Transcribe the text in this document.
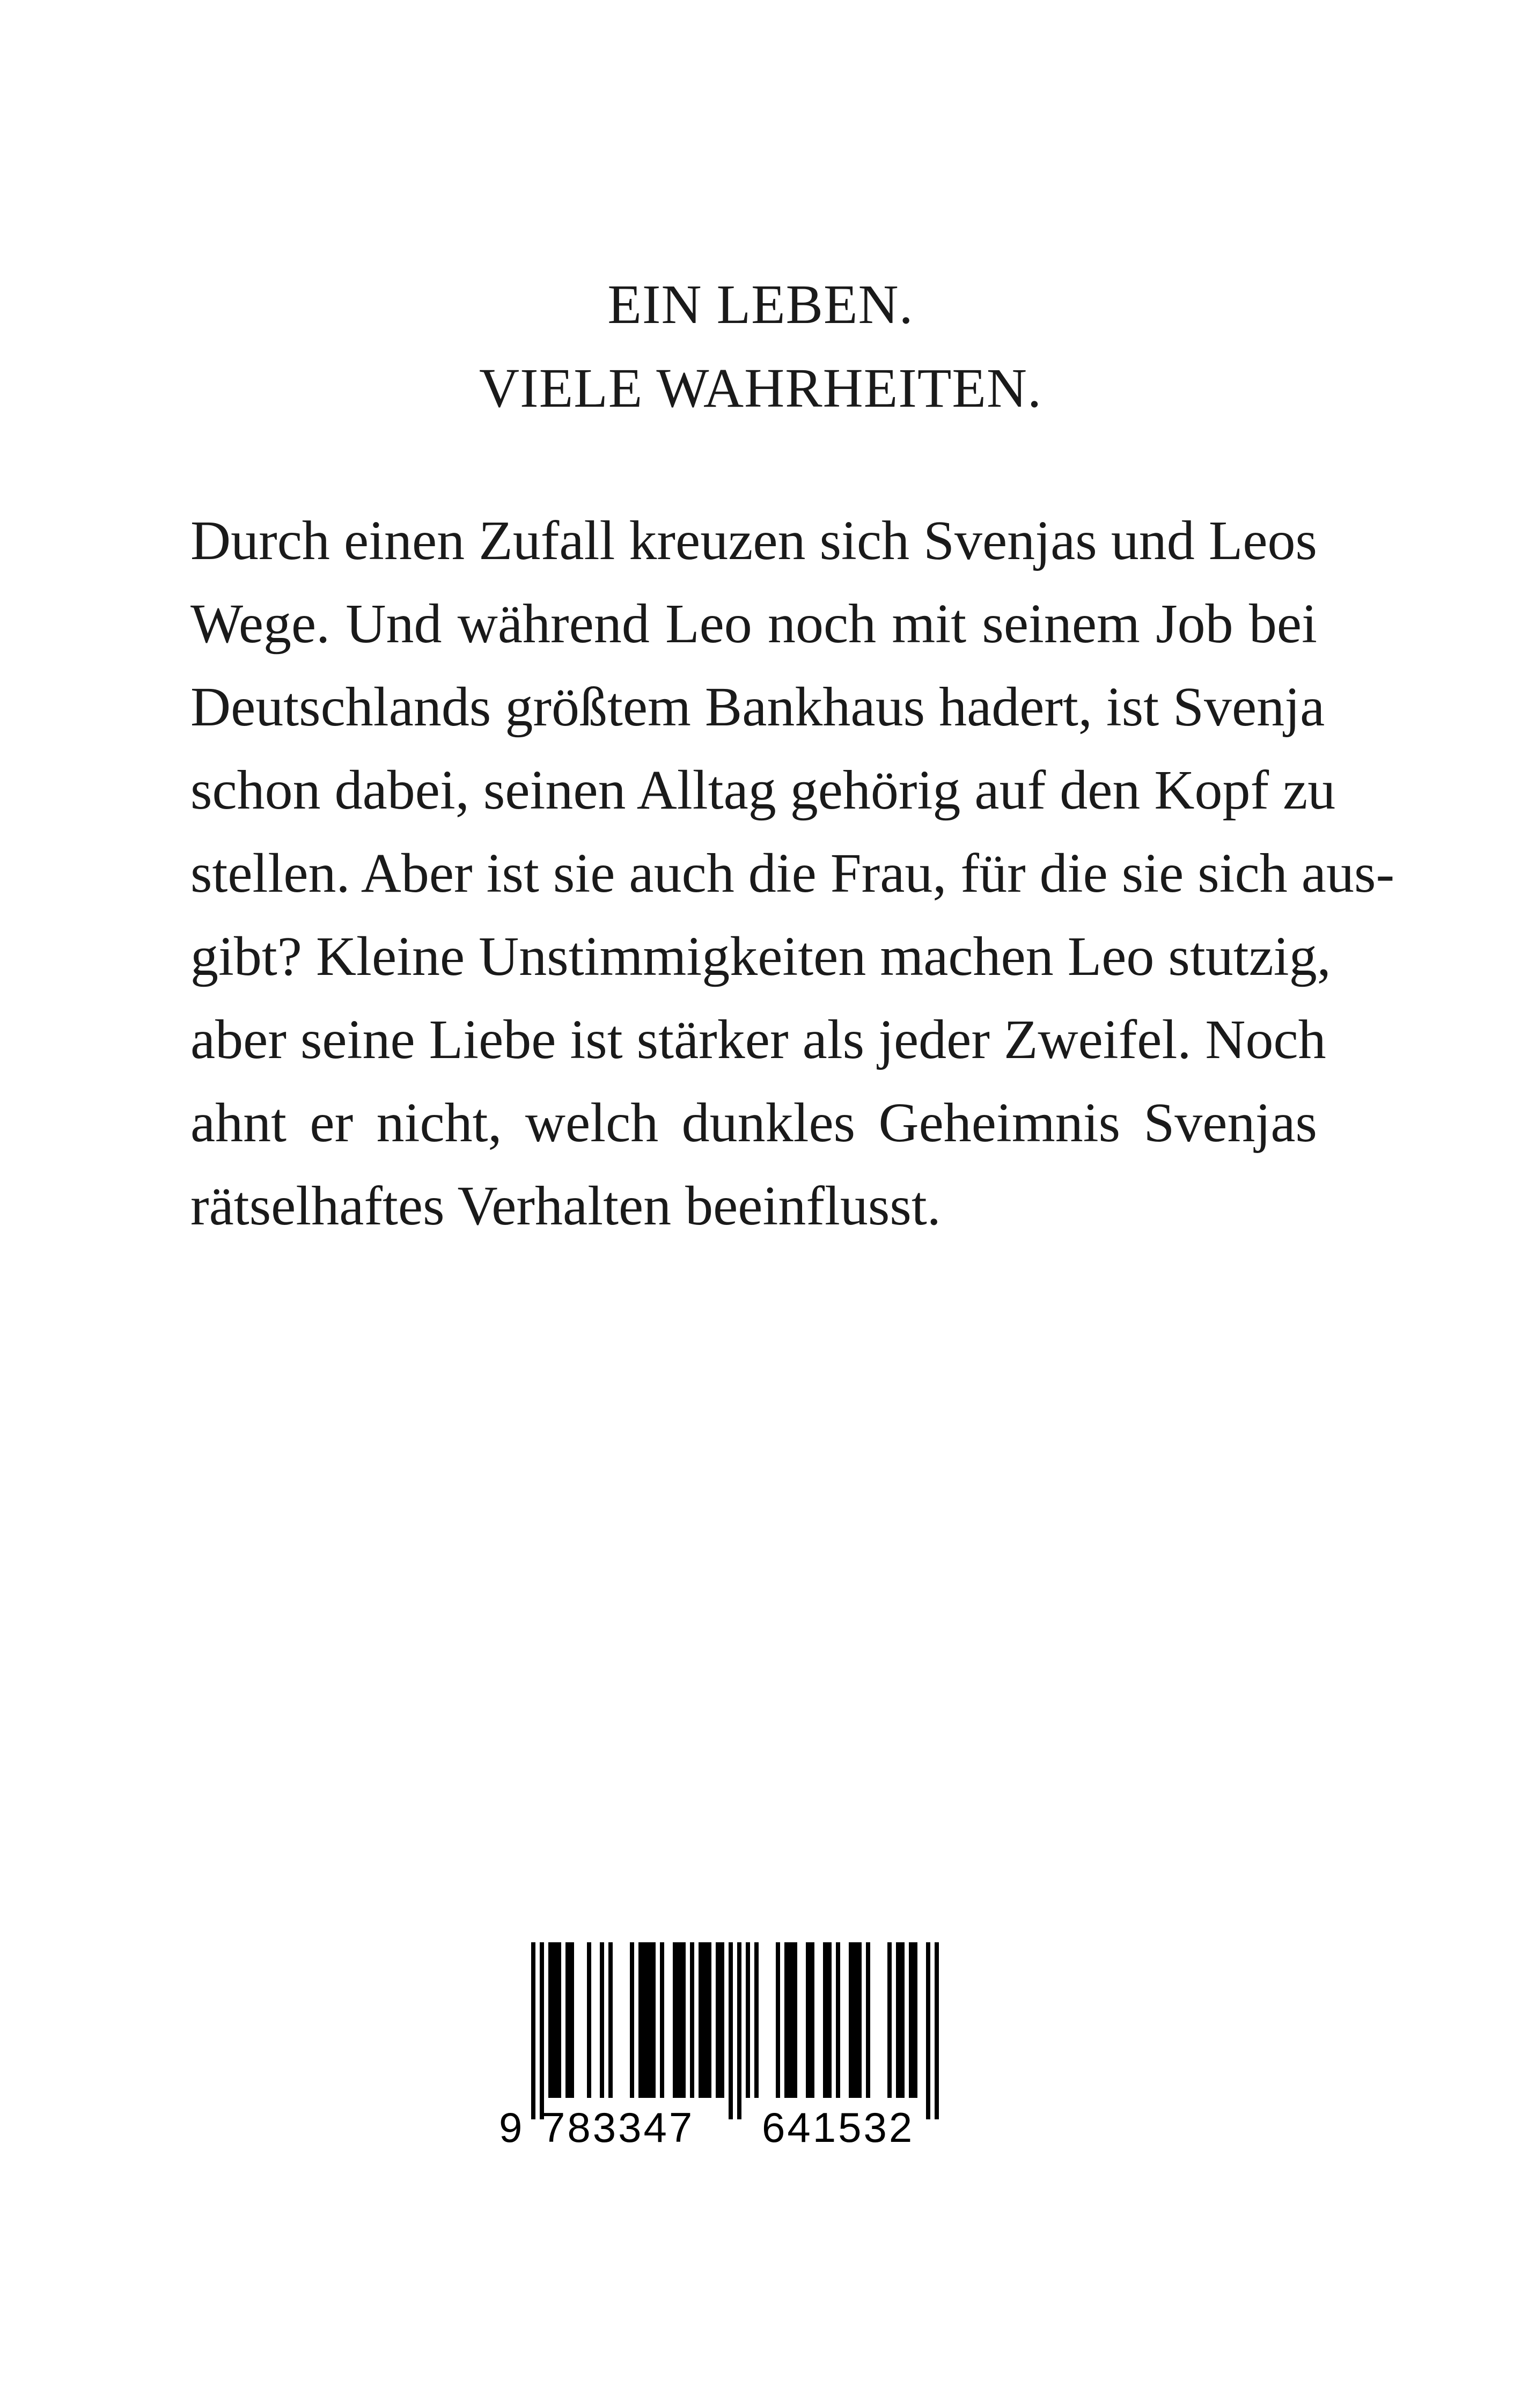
EIN LEBEN.
VIELE WAHRHEITEN.
Durch einen Zufall kreuzen sich Svenjas und Leos
Wege. Und während Leo noch mit seinem Job bei
Deutschlands größtem Bankhaus hadert, ist Svenja
schon dabei, seinen Alltag gehörig auf den Kopf zu
stellen. Aber ist sie auch die Frau, für die sie sich aus-
gibt? Kleine Unstimmigkeiten machen Leo stutzig,
aber seine Liebe ist stärker als jeder Zweifel. Noch
ahnt er nicht, welch dunkles Geheimnis Svenjas
rätselhaftes Verhalten beeinflusst.
9 783347 641532
